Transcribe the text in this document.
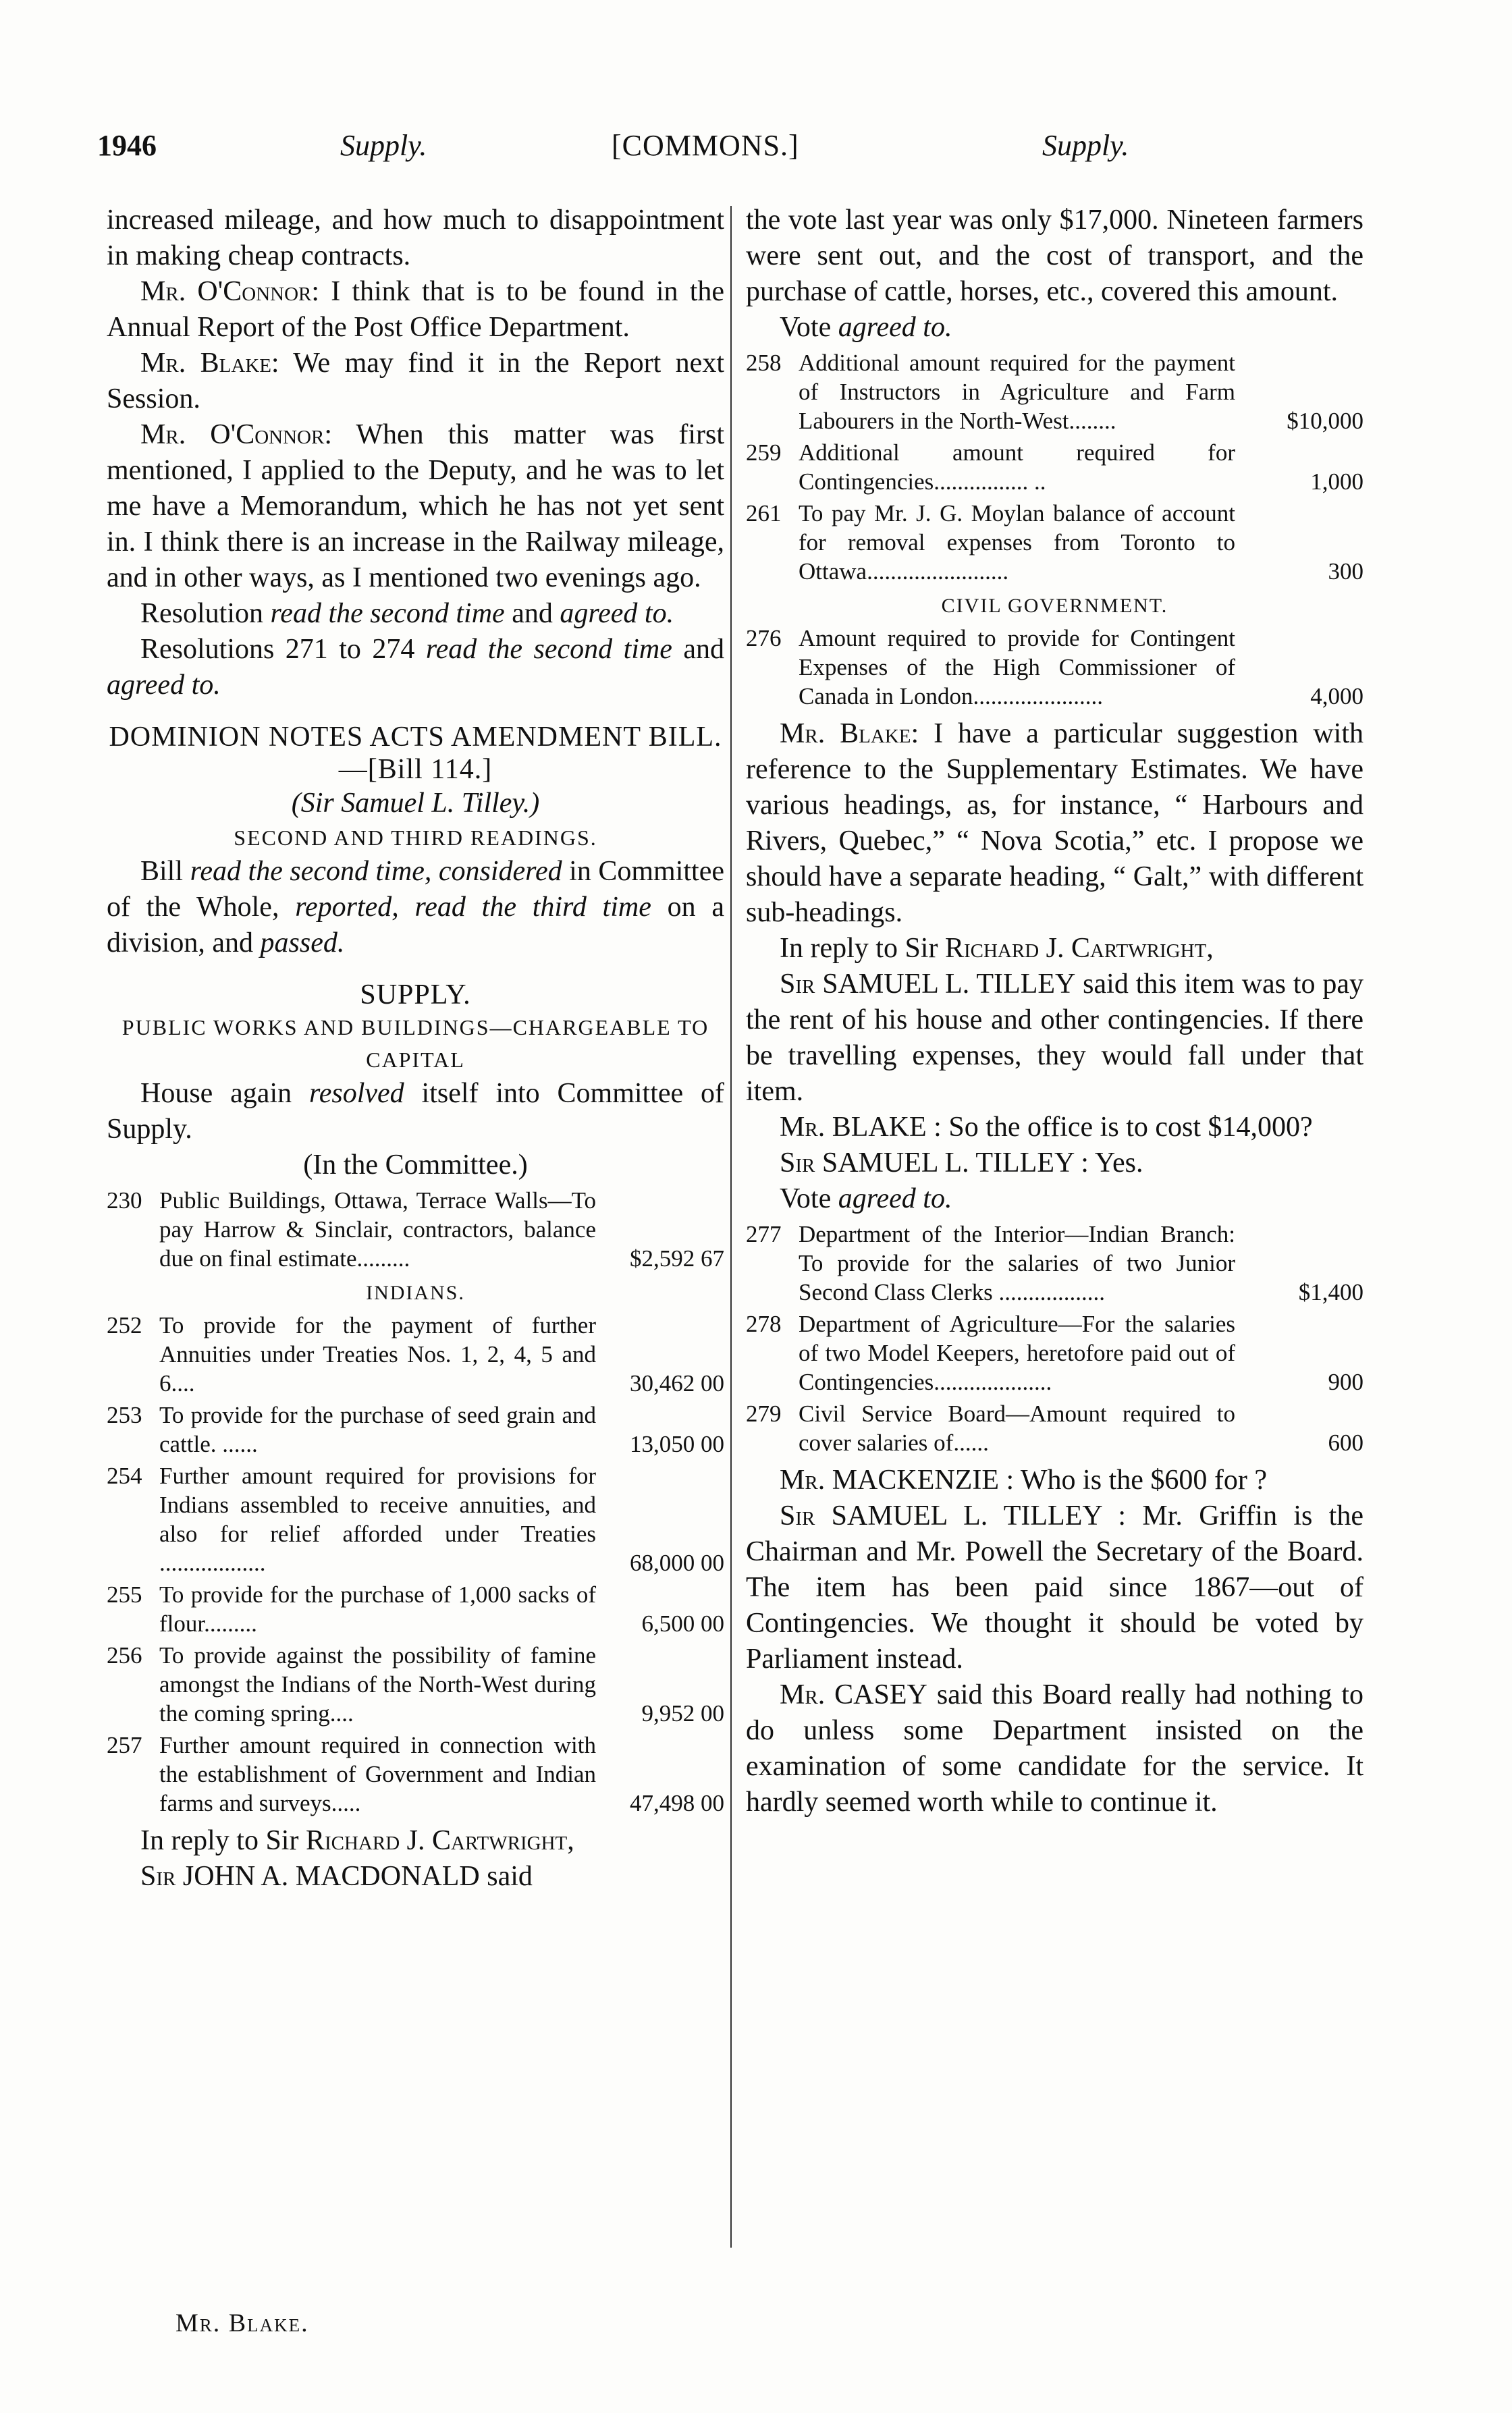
1946	Supply.	[COMMONS.]	Supply.

increased mileage, and how much to disappointment in making cheap contracts.

Mr. O'Connor: I think that is to be found in the Annual Report of the Post Office Department.

Mr. Blake: We may find it in the Report next Session.

Mr. O'Connor: When this matter was first mentioned, I applied to the Deputy, and he was to let me have a Memorandum, which he has not yet sent in. I think there is an increase in the Railway mileage, and in other ways, as I mentioned two evenings ago.

Resolution read the second time and agreed to.

Resolutions 271 to 274 read the second time and agreed to.

DOMINION NOTES ACTS AMENDMENT BILL.—[Bill 114.]

(Sir Samuel L. Tilley.)

SECOND AND THIRD READINGS.

Bill read the second time, considered in Committee of the Whole, reported, read the third time on a division, and passed.

SUPPLY.

PUBLIC WORKS AND BUILDINGS—CHARGEABLE TO CAPITAL

House again resolved itself into Committee of Supply.

(In the Committee.)

230 Public Buildings, Ottawa, Terrace Walls—To pay Harrow & Sinclair, contractors, balance due on final estimate.........	$2,592 67

INDIANS.

252 To provide for the payment of further Annuities under Treaties Nos. 1, 2, 4, 5 and 6....	30,462 00
253 To provide for the purchase of seed grain and cattle. ......	13,050 00
254 Further amount required for provisions for Indians assembled to receive annuities, and also for relief afforded under Treaties ..................	68,000 00
255 To provide for the purchase of 1,000 sacks of flour.........	6,500 00
256 To provide against the possibility of famine amongst the Indians of the North-West during the coming spring....	9,952 00
257 Further amount required in connection with the establishment of Government and Indian farms and surveys.....	47,498 00

In reply to Sir Richard J. Cartwright,

Sir JOHN A. MACDONALD said

the vote last year was only $17,000. Nineteen farmers were sent out, and the cost of transport, and the purchase of cattle, horses, etc., covered this amount.

Vote agreed to.

258 Additional amount required for the payment of Instructors in Agriculture and Farm Labourers in the North-West........	$10,000
259 Additional amount required for Contingencies................ ..	1,000
261 To pay Mr. J. G. Moylan balance of account for removal expenses from Toronto to Ottawa........................	300

CIVIL GOVERNMENT.

276 Amount required to provide for Contingent Expenses of the High Commissioner of Canada in London......................	4,000

Mr. Blake: I have a particular suggestion with reference to the Supplementary Estimates. We have various headings, as, for instance, “ Harbours and Rivers, Quebec,” “ Nova Scotia,” etc. I propose we should have a separate heading, “ Galt,” with different sub-headings.

In reply to Sir Richard J. Cartwright,

Sir SAMUEL L. TILLEY said this item was to pay the rent of his house and other contingencies. If there be travelling expenses, they would fall under that item.

Mr. BLAKE : So the office is to cost $14,000?

Sir SAMUEL L. TILLEY : Yes.

Vote agreed to.

277 Department of the Interior—Indian Branch: To provide for the salaries of two Junior Second Class Clerks ..................	$1,400
278 Department of Agriculture—For the salaries of two Model Keepers, heretofore paid out of Contingencies....................	900
279 Civil Service Board—Amount required to cover salaries of......	600

Mr. MACKENZIE : Who is the $600 for ?

Sir SAMUEL L. TILLEY : Mr. Griffin is the Chairman and Mr. Powell the Secretary of the Board. The item has been paid since 1867—out of Contingencies. We thought it should be voted by Parliament instead.

Mr. CASEY said this Board really had nothing to do unless some Department insisted on the examination of some candidate for the service. It hardly seemed worth while to continue it.

Mr. Blake.
